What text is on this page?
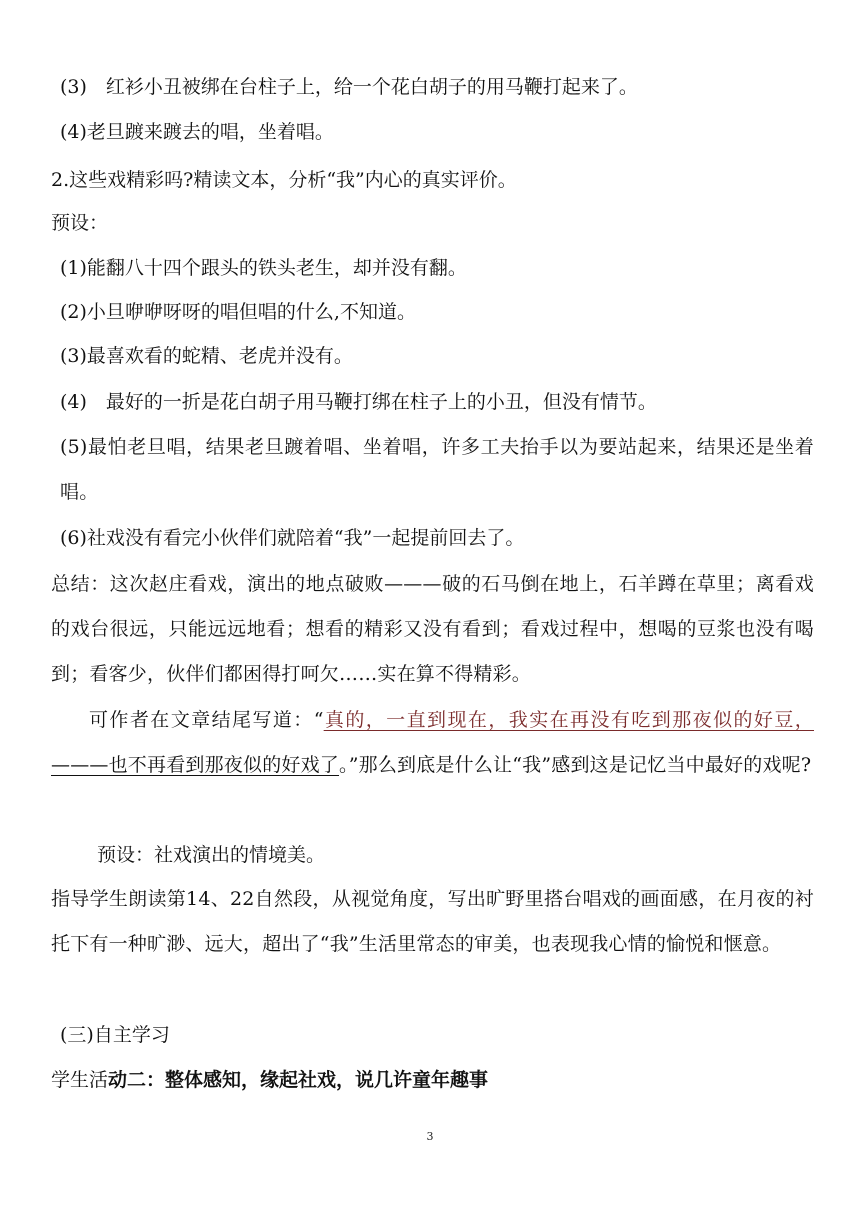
(3)　红衫小丑被绑在台柱子上，给一个花白胡子的用马鞭打起来了。
(4)老旦踱来踱去的唱，坐着唱。
2.这些戏精彩吗?精读文本，分析“我”内心的真实评价。
预设：
(1)能翻八十四个跟头的铁头老生，却并没有翻。
(2)小旦咿咿呀呀的唱但唱的什么,不知道。
(3)最喜欢看的蛇精、老虎并没有。
(4)　最好的一折是花白胡子用马鞭打绑在柱子上的小丑，但没有情节。
(5)最怕老旦唱，结果老旦踱着唱、坐着唱，许多工夫抬手以为要站起来，结果还是坐着唱。
(6)社戏没有看完小伙伴们就陪着“我”一起提前回去了。
总结：这次赵庄看戏，演出的地点破败———破的石马倒在地上，石羊蹲在草里；离看戏的戏台很远，只能远远地看；想看的精彩又没有看到；看戏过程中，想喝的豆浆也没有喝到；看客少，伙伴们都困得打呵欠……实在算不得精彩。
可作者在文章结尾写道：“真的，一直到现在，我实在再没有吃到那夜似的好豆，———也不再看到那夜似的好戏了。”那么到底是什么让“我”感到这是记忆当中最好的戏呢?
预设：社戏演出的情境美。
指导学生朗读第14、22自然段，从视觉角度，写出旷野里搭台唱戏的画面感，在月夜的衬托下有一种旷渺、远大，超出了“我”生活里常态的审美，也表现我心情的愉悦和惬意。
(三)自主学习
学生活动二：整体感知，缘起社戏，说几许童年趣事
3
